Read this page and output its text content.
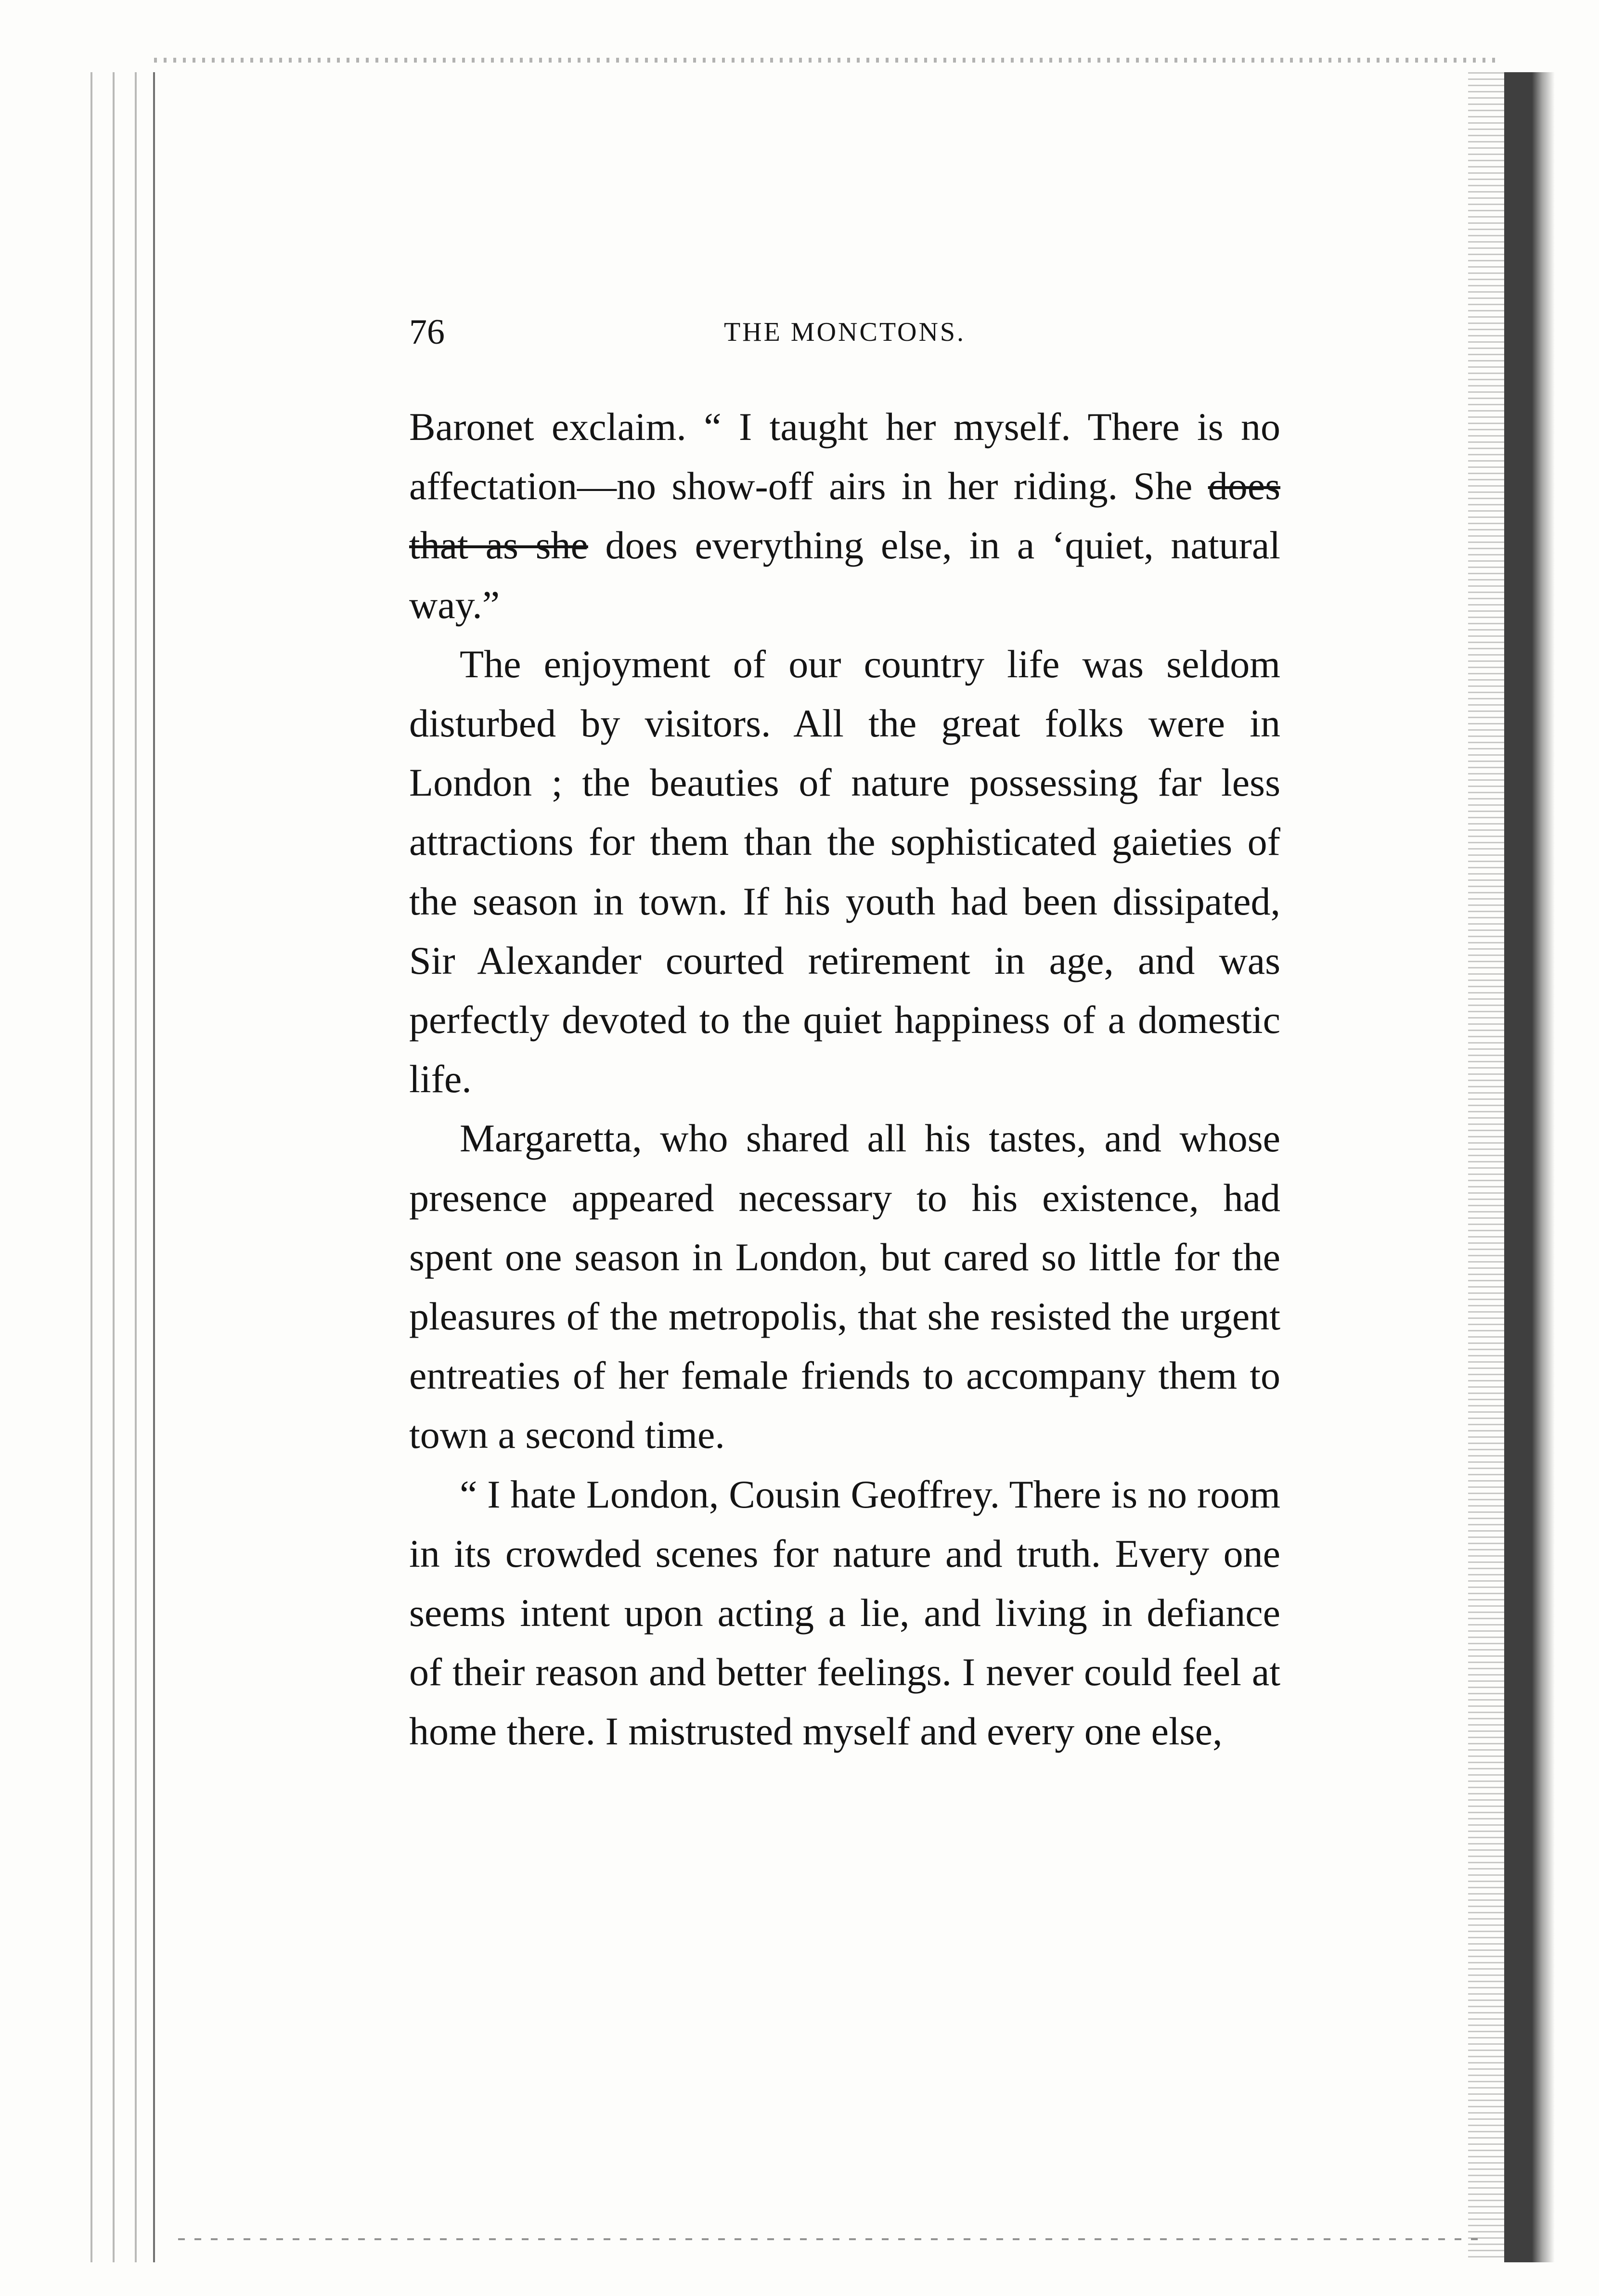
76	THE MONCTONS.

Baronet exclaim. “ I taught her myself. There is no affectation—no show-off airs in her riding. She does that as she does everything else, in a ‘quiet, natural way.”

The enjoyment of our country life was seldom disturbed by visitors. All the great folks were in London ; the beauties of nature possessing far less attractions for them than the sophisticated gaieties of the season in town. If his youth had been dissipated, Sir Alexander courted retirement in age, and was perfectly devoted to the quiet happiness of a domestic life.

Margaretta, who shared all his tastes, and whose presence appeared necessary to his existence, had spent one season in London, but cared so little for the pleasures of the metropolis, that she resisted the urgent entreaties of her female friends to accompany them to town a second time.

“ I hate London, Cousin Geoffrey. There is no room in its crowded scenes for nature and truth. Every one seems intent upon acting a lie, and living in defiance of their reason and better feelings. I never could feel at home there. I mistrusted myself and every one else,
